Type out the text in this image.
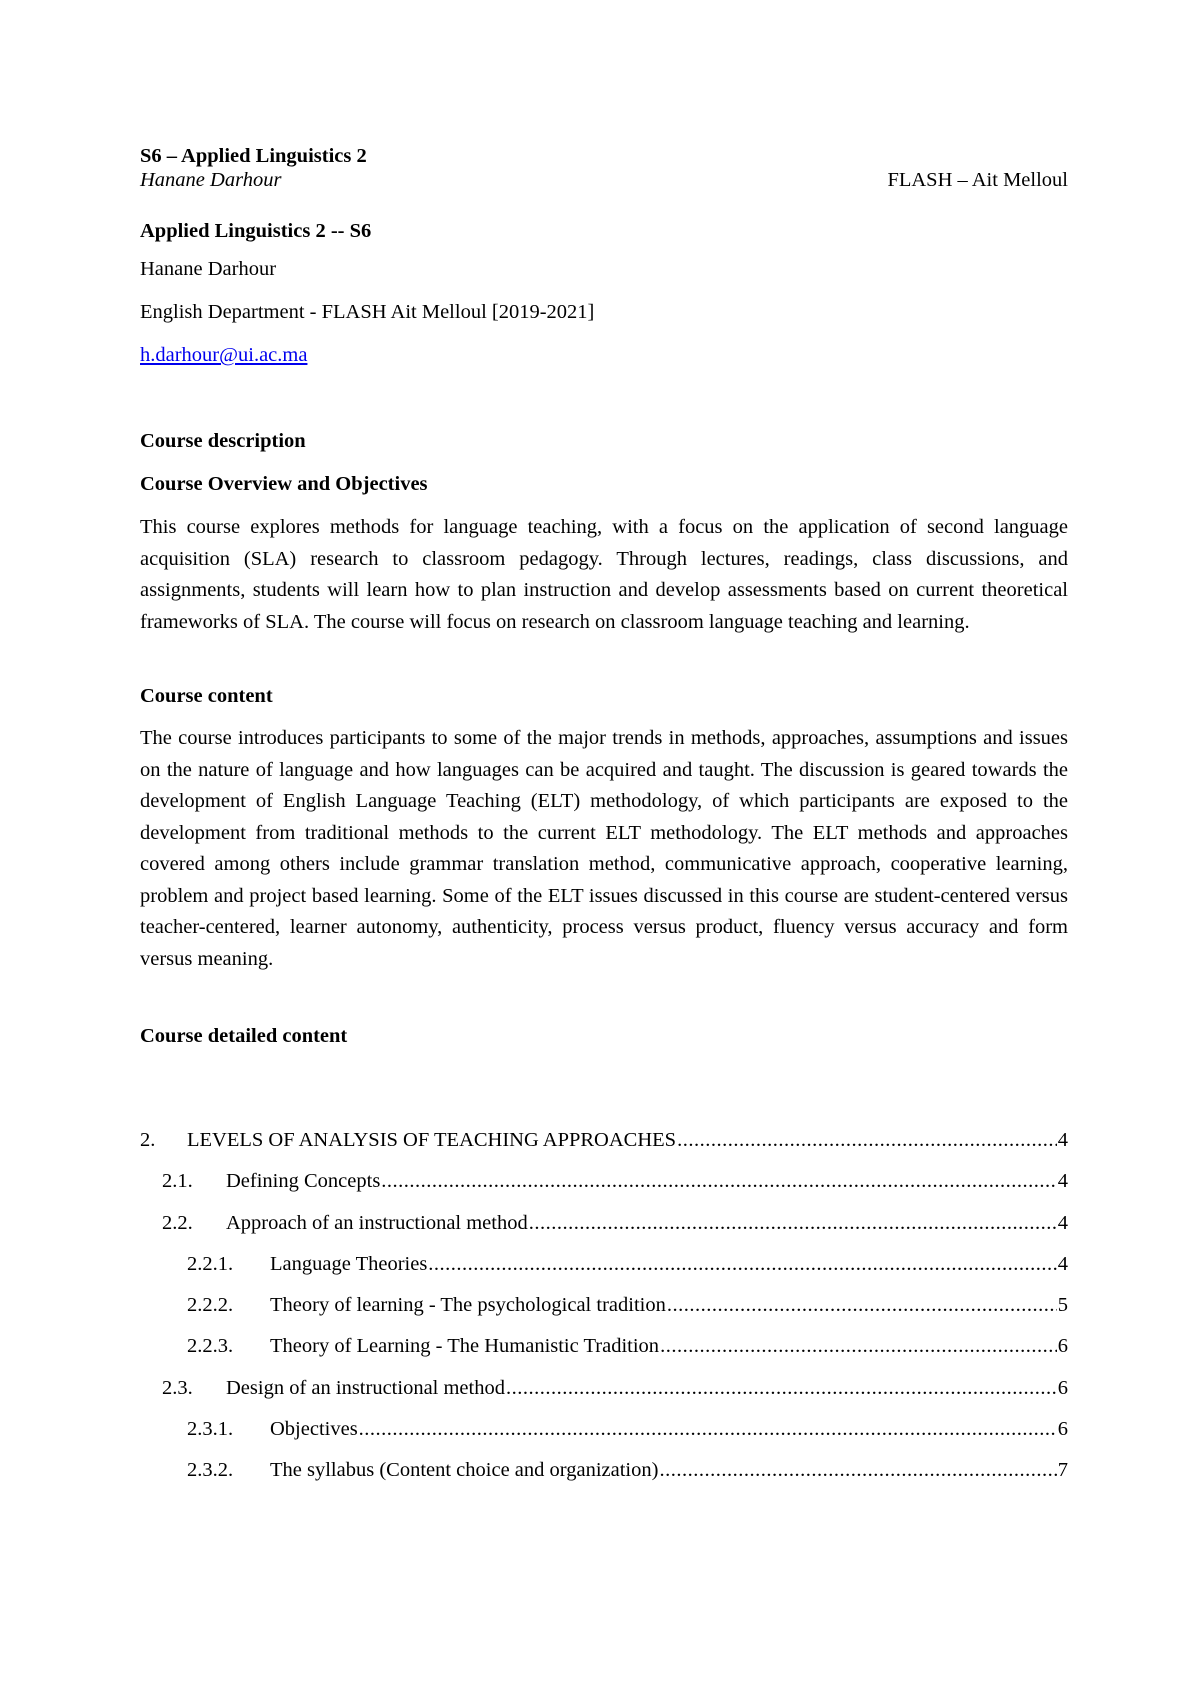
S6 – Applied Linguistics 2
Hanane Darhour	FLASH – Ait Melloul
Applied Linguistics 2 -- S6
Hanane Darhour
English Department - FLASH Ait Melloul [2019-2021]
h.darhour@ui.ac.ma
Course description
Course Overview and Objectives
This course explores methods for language teaching, with a focus on the application of second language acquisition (SLA) research to classroom pedagogy. Through lectures, readings, class discussions, and assignments, students will learn how to plan instruction and develop assessments based on current theoretical frameworks of SLA. The course will focus on research on classroom language teaching and learning.
Course content
The course introduces participants to some of the major trends in methods, approaches, assumptions and issues on the nature of language and how languages can be acquired and taught. The discussion is geared towards the development of English Language Teaching (ELT) methodology, of which participants are exposed to the development from traditional methods to the current ELT methodology. The ELT methods and approaches covered among others include grammar translation method, communicative approach, cooperative learning, problem and project based learning. Some of the ELT issues discussed in this course are student-centered versus teacher-centered, learner autonomy, authenticity, process versus product, fluency versus accuracy and form versus meaning.
Course detailed content
2.	LEVELS OF ANALYSIS OF TEACHING APPROACHES .....	4
2.1.	Defining Concepts .....	4
2.2.	Approach of an instructional method .....	4
2.2.1.	Language Theories .....	4
2.2.2.	Theory of learning - The psychological tradition .....	5
2.2.3.	Theory of Learning - The Humanistic Tradition .....	6
2.3.	Design of an instructional method .....	6
2.3.1.	Objectives .....	6
2.3.2.	The syllabus (Content choice and organization) .....	7
